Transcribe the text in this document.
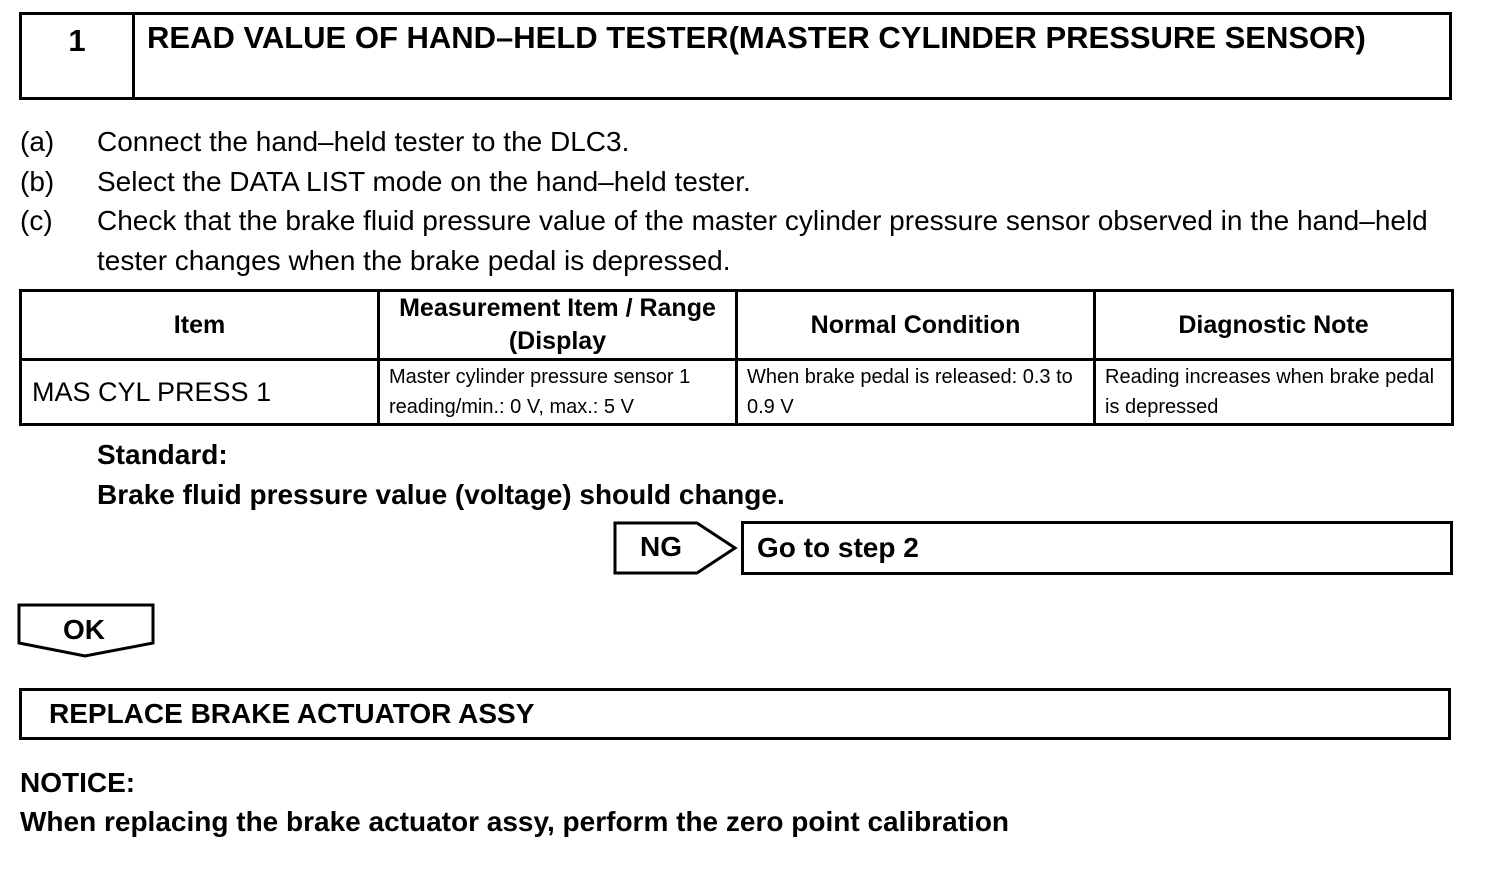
1	READ VALUE OF HAND–HELD TESTER(MASTER CYLINDER PRESSURE SENSOR)
(a)	Connect the hand–held tester to the DLC3.
(b)	Select the DATA LIST mode on the hand–held tester.
(c)	Check that the brake fluid pressure value of the master cylinder pressure sensor observed in the hand–held tester changes when the brake pedal is depressed.
Item	Measurement Item / Range (Display	Normal Condition	Diagnostic Note
MAS CYL PRESS 1	Master cylinder pressure sensor 1 reading/min.: 0 V, max.: 5 V	When brake pedal is released: 0.3 to 0.9 V	Reading increases when brake pedal is depressed
Standard:
Brake fluid pressure value (voltage) should change.
NG	Go to step 2
OK
REPLACE BRAKE ACTUATOR ASSY
NOTICE:
When replacing the brake actuator assy, perform the zero point calibration
